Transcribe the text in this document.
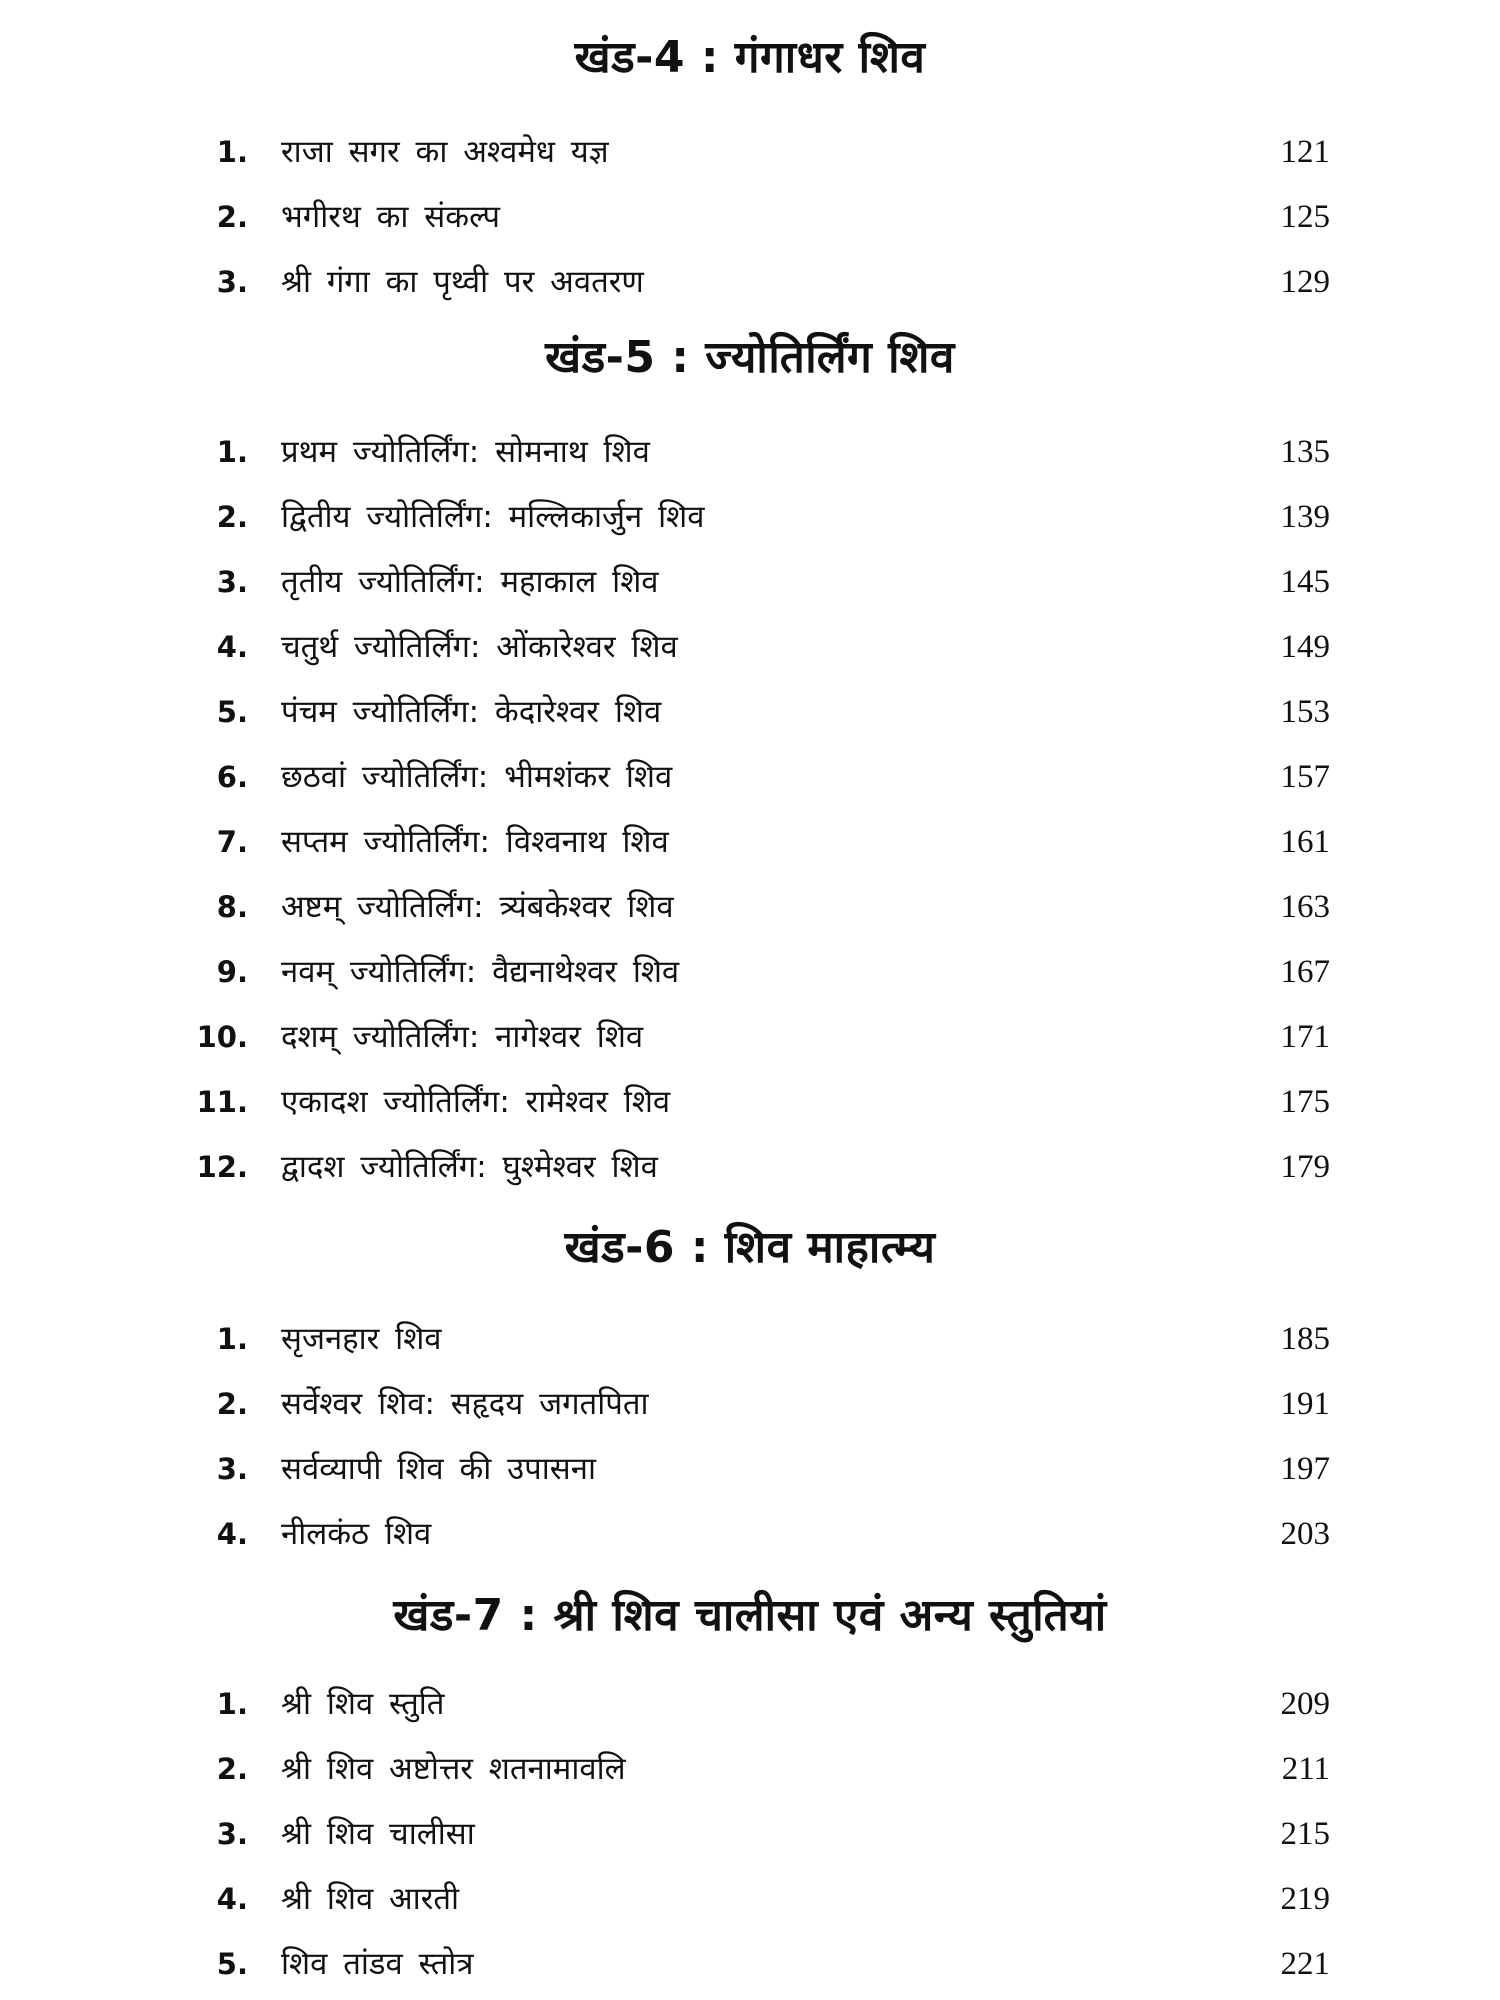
खंड-4 : गंगाधर शिव
1. राजा सगर का अश्वमेध यज्ञ	121
2. भगीरथ का संकल्प	125
3. श्री गंगा का पृथ्वी पर अवतरण	129
खंड-5 : ज्योतिर्लिंग शिव
1. प्रथम ज्योतिर्लिंग: सोमनाथ शिव	135
2. द्वितीय ज्योतिर्लिंग: मल्लिकार्जुन शिव	139
3. तृतीय ज्योतिर्लिंग: महाकाल शिव	145
4. चतुर्थ ज्योतिर्लिंग: ओंकारेश्वर शिव	149
5. पंचम ज्योतिर्लिंग: केदारेश्वर शिव	153
6. छठवां ज्योतिर्लिंग: भीमशंकर शिव	157
7. सप्तम ज्योतिर्लिंग: विश्वनाथ शिव	161
8. अष्टम् ज्योतिर्लिंग: त्र्यंबकेश्वर शिव	163
9. नवम् ज्योतिर्लिंग: वैद्यनाथेश्वर शिव	167
10. दशम् ज्योतिर्लिंग: नागेश्वर शिव	171
11. एकादश ज्योतिर्लिंग: रामेश्वर शिव	175
12. द्वादश ज्योतिर्लिंग: घुश्मेश्वर शिव	179
खंड-6 : शिव माहात्म्य
1. सृजनहार शिव	185
2. सर्वेश्वर शिव: सहृदय जगतपिता	191
3. सर्वव्यापी शिव की उपासना	197
4. नीलकंठ शिव	203
खंड-7 : श्री शिव चालीसा एवं अन्य स्तुतियां
1. श्री शिव स्तुति	209
2. श्री शिव अष्टोत्तर शतनामावलि	211
3. श्री शिव चालीसा	215
4. श्री शिव आरती	219
5. शिव तांडव स्तोत्र	221
